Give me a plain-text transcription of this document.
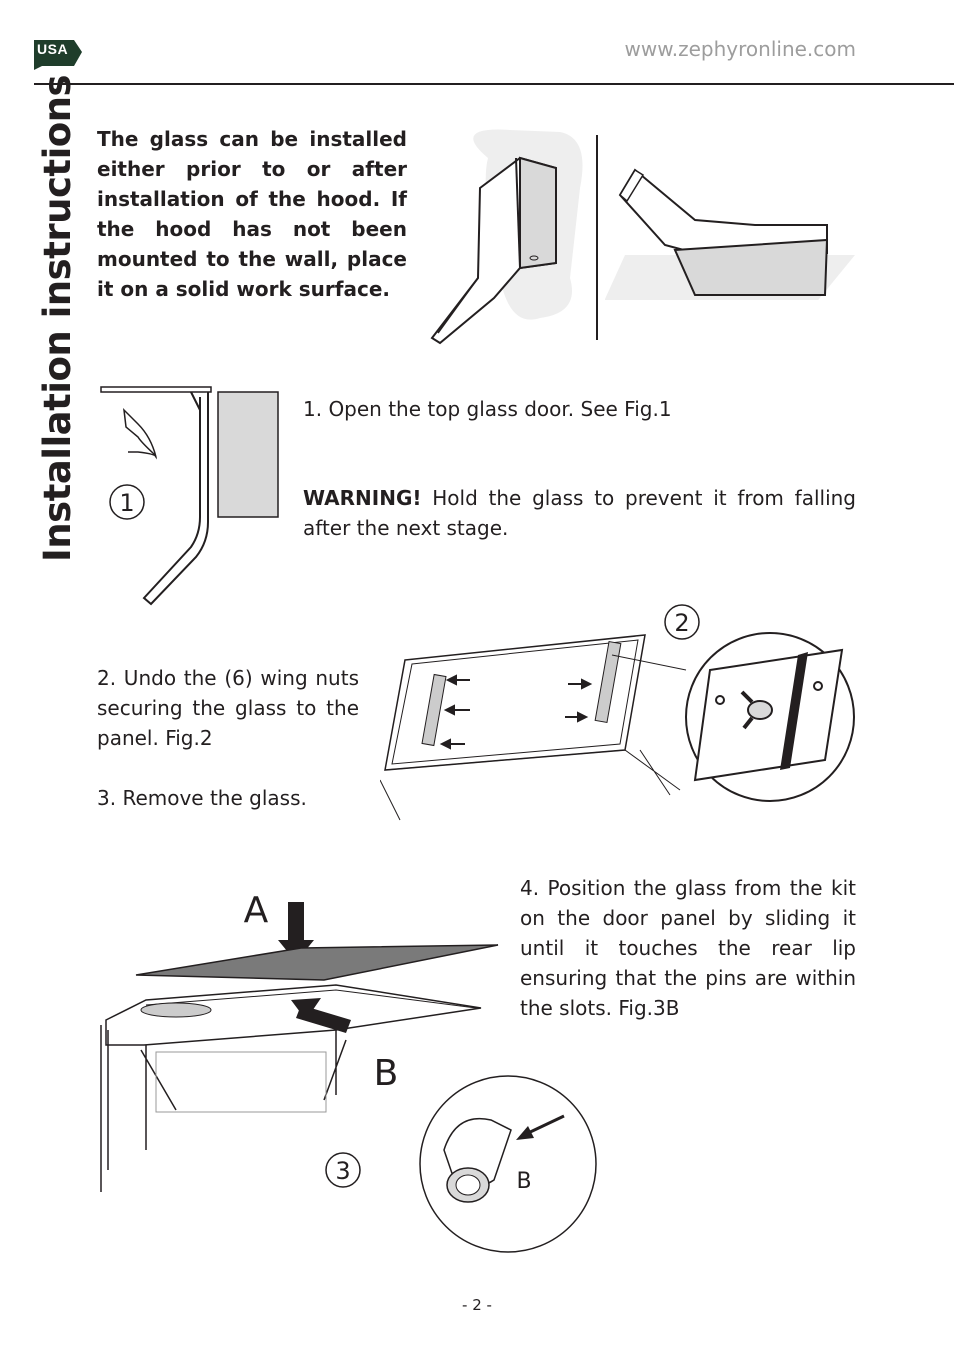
USA	www.zephyronline.com
Installation instructions The glass can be installed either prior to or after installation of the hood. If the hood has not been mounted to the wall, place it on a solid work surface.
1
1. Open the top glass door. See Fig.1
WARNING! Hold the glass to prevent it from falling after the next stage.
2. Undo the (6) wing nuts securing the glass to the panel. Fig.2
3. Remove the glass.
2
A
B
3	B
4. Position the glass from the kit on the door panel by sliding it until it touches the rear lip ensuring that the pins are within the slots. Fig.3B
- 2 -
